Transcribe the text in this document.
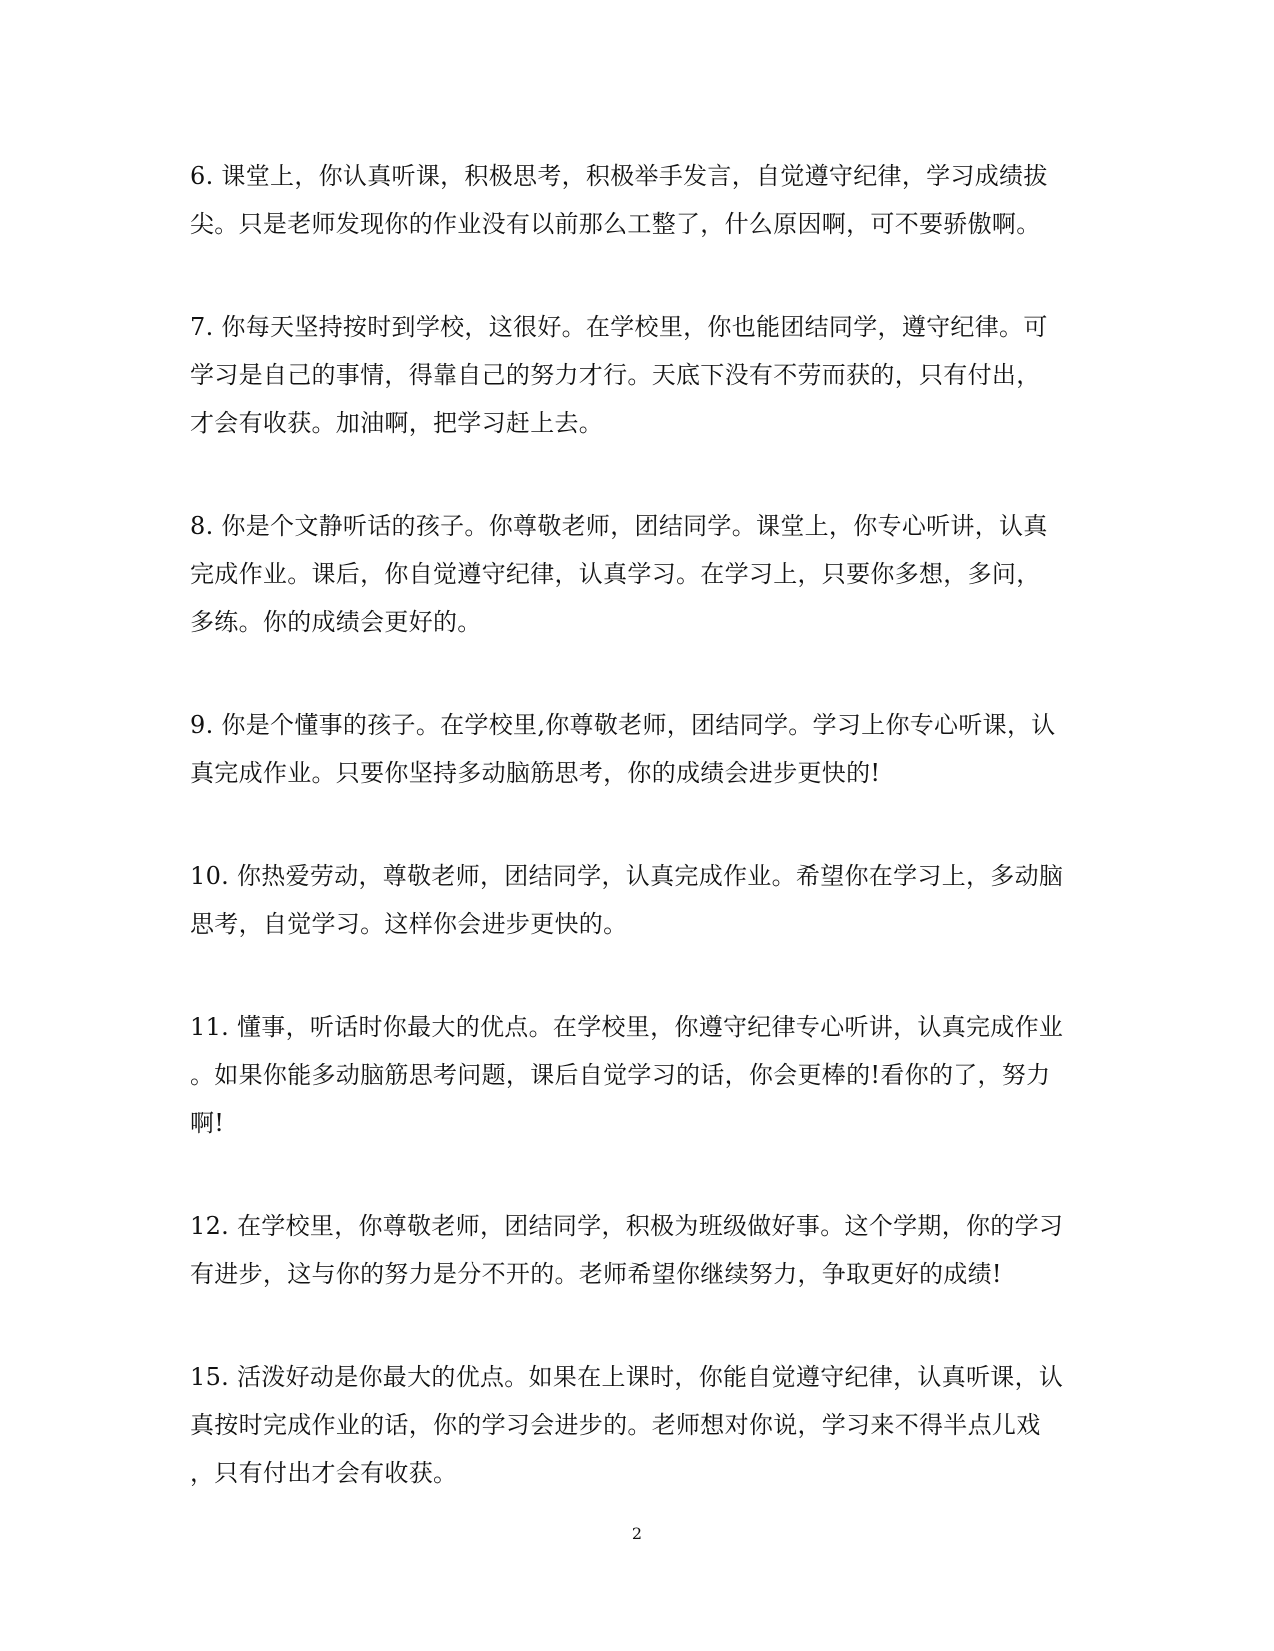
6. 课堂上，你认真听课，积极思考，积极举手发言，自觉遵守纪律，学习成绩拔
尖。只是老师发现你的作业没有以前那么工整了，什么原因啊，可不要骄傲啊。

7. 你每天坚持按时到学校，这很好。在学校里，你也能团结同学，遵守纪律。可
学习是自己的事情，得靠自己的努力才行。天底下没有不劳而获的，只有付出，
才会有收获。加油啊，把学习赶上去。

8. 你是个文静听话的孩子。你尊敬老师，团结同学。课堂上，你专心听讲，认真
完成作业。课后，你自觉遵守纪律，认真学习。在学习上，只要你多想，多问，
多练。你的成绩会更好的。

9. 你是个懂事的孩子。在学校里,你尊敬老师，团结同学。学习上你专心听课，认
真完成作业。只要你坚持多动脑筋思考，你的成绩会进步更快的!

10. 你热爱劳动，尊敬老师，团结同学，认真完成作业。希望你在学习上，多动脑
思考，自觉学习。这样你会进步更快的。

11. 懂事，听话时你最大的优点。在学校里，你遵守纪律专心听讲，认真完成作业
。如果你能多动脑筋思考问题，课后自觉学习的话，你会更棒的!看你的了，努力
啊!

12. 在学校里，你尊敬老师，团结同学，积极为班级做好事。这个学期，你的学习
有进步，这与你的努力是分不开的。老师希望你继续努力，争取更好的成绩!

15. 活泼好动是你最大的优点。如果在上课时，你能自觉遵守纪律，认真听课，认
真按时完成作业的话，你的学习会进步的。老师想对你说，学习来不得半点儿戏
，只有付出才会有收获。

2
